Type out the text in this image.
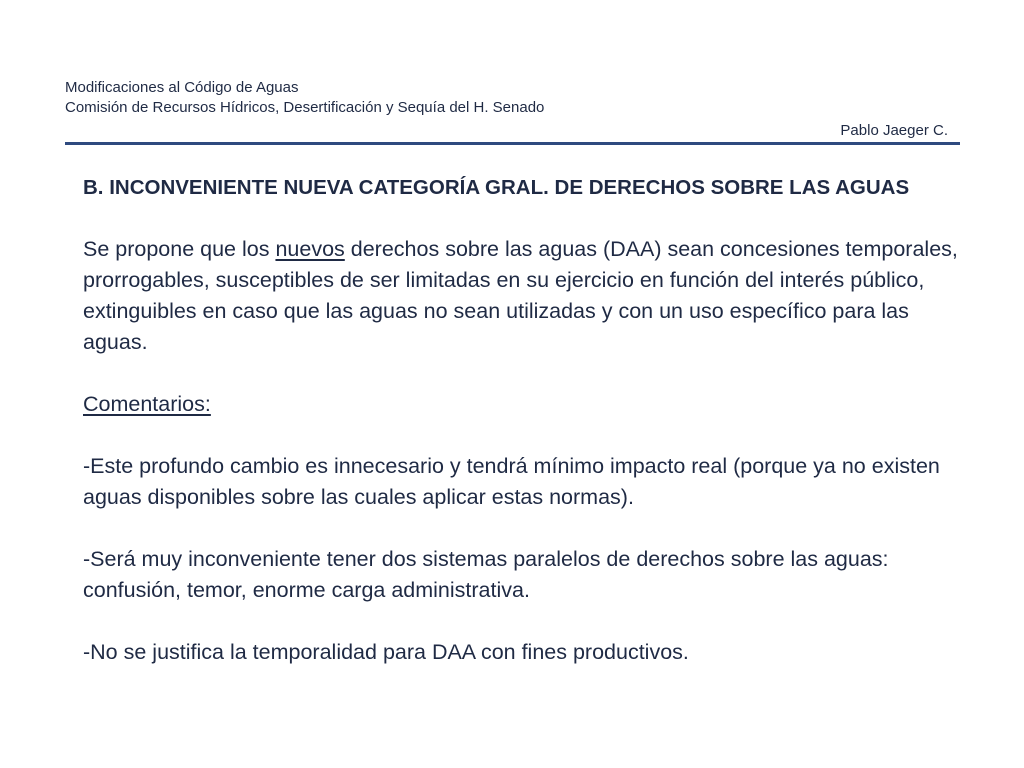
Modificaciones al Código de Aguas
Comisión de Recursos Hídricos, Desertificación y Sequía del H. Senado
Pablo Jaeger C.
B. INCONVENIENTE NUEVA CATEGORÍA GRAL. DE DERECHOS SOBRE LAS AGUAS

Se propone que los nuevos derechos sobre las aguas (DAA) sean concesiones temporales, prorrogables, susceptibles de ser limitadas en su ejercicio en función del interés público, extinguibles en caso que las aguas no sean utilizadas y con un uso específico para las aguas.

Comentarios:

-Este profundo cambio es innecesario y tendrá mínimo impacto real (porque ya no existen aguas disponibles sobre las cuales aplicar estas normas).

-Será muy inconveniente tener dos sistemas paralelos de derechos sobre las aguas: confusión, temor, enorme carga administrativa.

-No se justifica la temporalidad para DAA con fines productivos.
